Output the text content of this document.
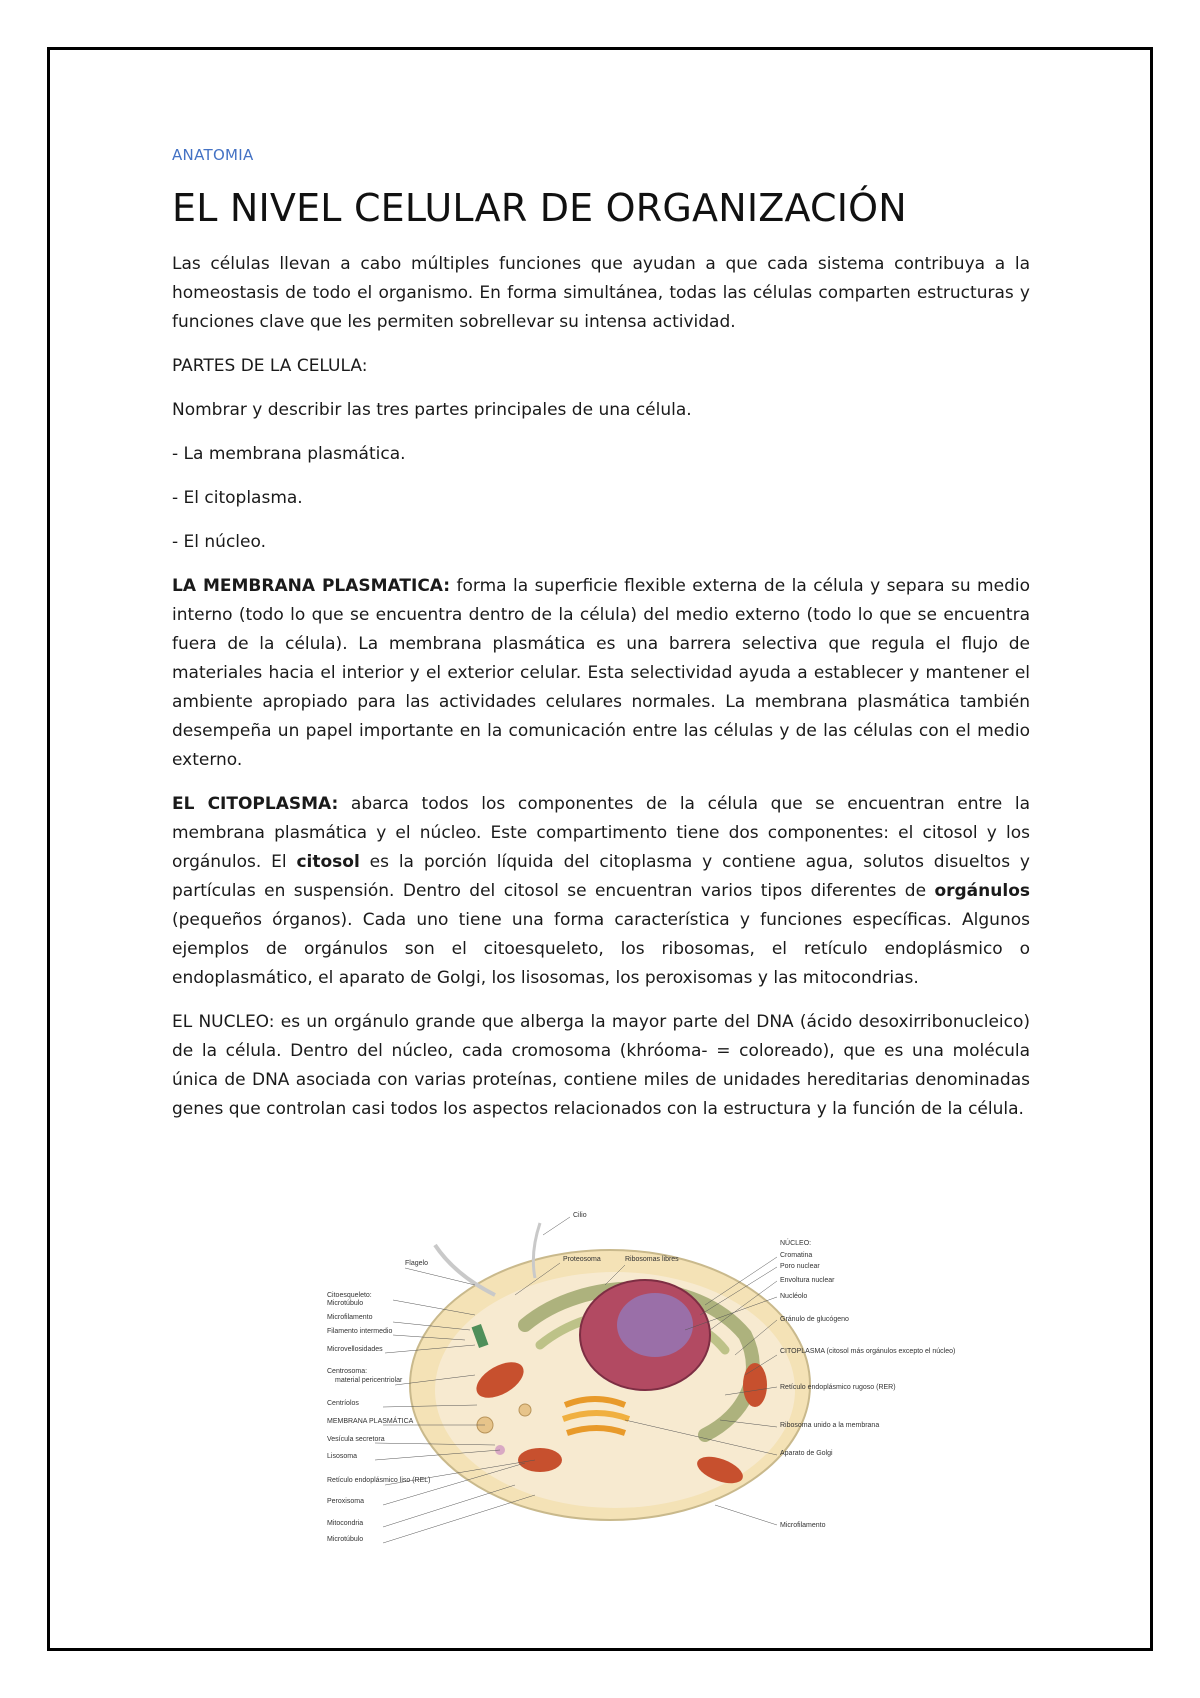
ANATOMIA
EL NIVEL CELULAR DE ORGANIZACIÓN

Las células llevan a cabo múltiples funciones que ayudan a que cada sistema contribuya a la homeostasis de todo el organismo. En forma simultánea, todas las células comparten estructuras y funciones clave que les permiten sobrellevar su intensa actividad.

PARTES DE LA CELULA:

Nombrar y describir las tres partes principales de una célula.

- La membrana plasmática.

- El citoplasma.

- El núcleo.

LA MEMBRANA PLASMATICA: forma la superficie flexible externa de la célula y separa su medio interno (todo lo que se encuentra dentro de la célula) del medio externo (todo lo que se encuentra fuera de la célula). La membrana plasmática es una barrera selectiva que regula el flujo de materiales hacia el interior y el exterior celular. Esta selectividad ayuda a establecer y mantener el ambiente apropiado para las actividades celulares normales. La membrana plasmática también desempeña un papel importante en la comunicación entre las células y de las células con el medio externo.

EL CITOPLASMA: abarca todos los componentes de la célula que se encuentran entre la membrana plasmática y el núcleo. Este compartimento tiene dos componentes: el citosol y los orgánulos. El citosol es la porción líquida del citoplasma y contiene agua, solutos disueltos y partículas en suspensión. Dentro del citosol se encuentran varios tipos diferentes de orgánulos (pequeños órganos). Cada uno tiene una forma característica y funciones específicas. Algunos ejemplos de orgánulos son el citoesqueleto, los ribosomas, el retículo endoplásmico o endoplasmático, el aparato de Golgi, los lisosomas, los peroxisomas y las mitocondrias.

EL NUCLEO: es un orgánulo grande que alberga la mayor parte del DNA (ácido desoxirribonucleico) de la célula. Dentro del núcleo, cada cromosoma (khróoma- = coloreado), que es una molécula única de DNA asociada con varias proteínas, contiene miles de unidades hereditarias denominadas genes que controlan casi todos los aspectos relacionados con la estructura y la función de la célula.

Flagelo
Citoesqueleto:
Microtúbulo
Microfilamento
Filamento intermedio
Microvellosidades
Centrosoma:
material pericentriolar
Centríolos
MEMBRANA PLASMÁTICA
Vesícula secretora
Lisosoma
Retículo endoplásmico liso (REL)
Peroxisoma
Mitocondria
Microtúbulo
Cilio
Proteosoma	Ribosomas libres
NÚCLEO:
Cromatina
Poro nuclear
Envoltura nuclear
Nucléolo
Gránulo de glucógeno
CITOPLASMA (citosol más orgánulos excepto el núcleo)
Retículo endoplásmico rugoso (RER)
Ribosoma unido a la membrana
Aparato de Golgi
Microfilamento
